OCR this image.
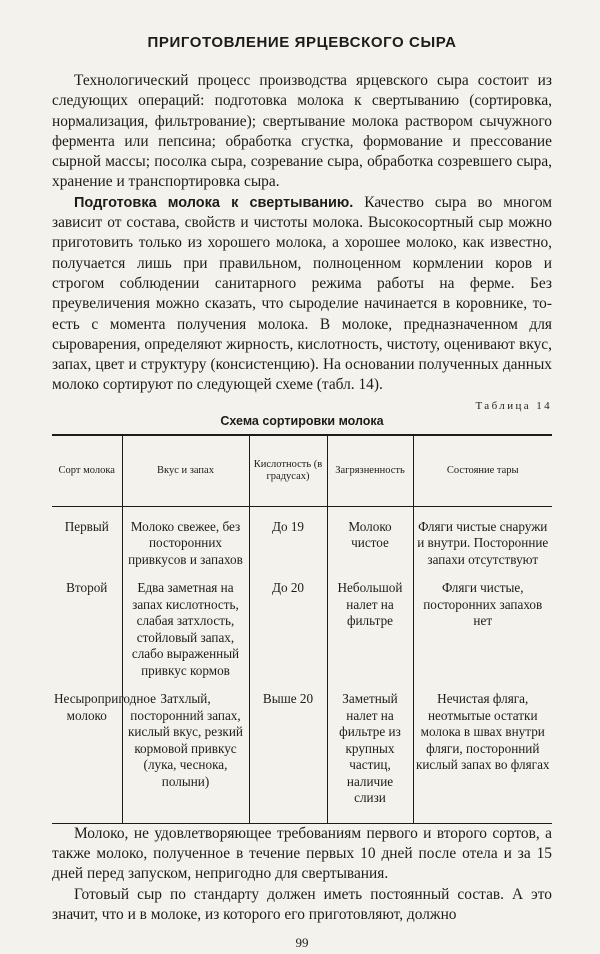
ПРИГОТОВЛЕНИЕ ЯРЦЕВСКОГО СЫРА

Технологический процесс производства ярцевского сыра состоит из следующих операций: подготовка молока к свертыванию (сортировка, нормализация, фильтрование); свертывание молока раствором сычужного фермента или пепсина; обработка сгустка, формование и прессование сырной массы; посолка сыра, созревание сыра, обработка созревшего сыра, хранение и транспортировка сыра.

Подготовка молока к свертыванию. Качество сыра во многом зависит от состава, свойств и чистоты молока. Высокосортный сыр можно приготовить только из хорошего молока, а хорошее молоко, как известно, получается лишь при правильном, полноценном кормлении коров и строгом соблюдении санитарного режима работы на ферме. Без преувеличения можно сказать, что сыроделие начинается в коровнике, то-есть с момента получения молока. В молоке, предназначенном для сыроварения, определяют жирность, кислотность, чистоту, оценивают вкус, запах, цвет и структуру (консистенцию). На основании полученных данных молоко сортируют по следующей схеме (табл. 14).

Таблица 14
Схема сортировки молока
Сорт молока	Вкус и запах	Кислотность (в градусах)	Загрязненность	Состояние тары
Первый	Молоко свежее, без посторонних привкусов и запахов	До 19	Молоко чистое	Фляги чистые снаружи и внутри. Посторонние запахи отсутствуют
Второй	Едва заметная на запах кислотность, слабая затхлость, стойловый запах, слабо выраженный привкус кормов	До 20	Небольшой налет на фильтре	Фляги чистые, посторонних запахов нет
Несыропригодное молоко	Затхлый, посторонний запах, кислый вкус, резкий кормовой привкус (лука, чеснока, полыни)	Выше 20	Заметный налет на фильтре из крупных частиц, наличие слизи	Нечистая фляга, неотмытые остатки молока в швах внутри фляги, посторонний кислый запах во флягах

Молоко, не удовлетворяющее требованиям первого и второго сортов, а также молоко, полученное в течение первых 10 дней после отела и за 15 дней перед запуском, непригодно для свертывания.

Готовый сыр по стандарту должен иметь постоянный состав. А это значит, что и в молоке, из которого его приготовляют, должно

99
